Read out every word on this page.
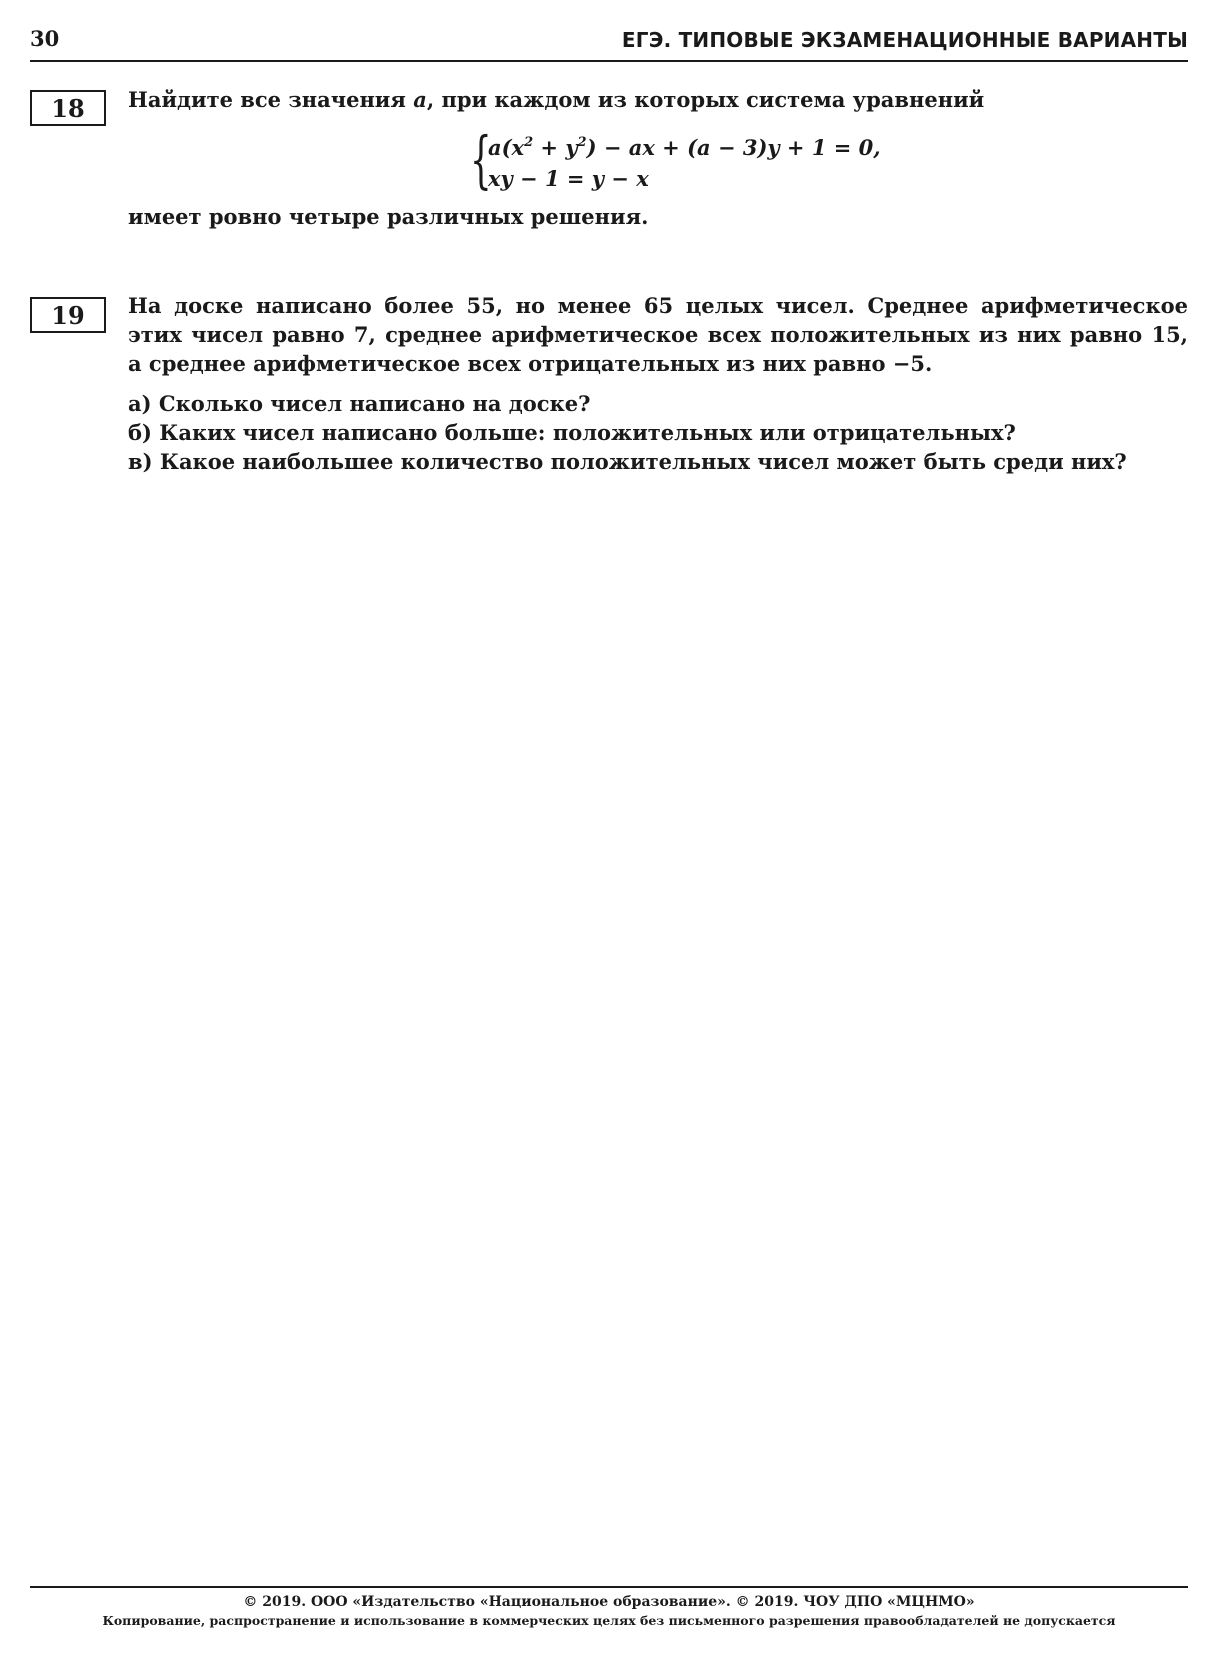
30	ЕГЭ. ТИПОВЫЕ ЭКЗАМЕНАЦИОННЫЕ ВАРИАНТЫ
18	Найдите все значения a, при каждом из которых система уравнений
{
$a(x^2 + y^2)$ − ax + (a − 3)y + 1 = 0,
xy − 1 = y − x
имеет ровно четыре различных решения.
19	На доске написано более 55, но менее 65 целых чисел. Среднее арифметическое
этих чисел равно 7, среднее арифметическое всех положительных из них равно 15,
а среднее арифметическое всех отрицательных из них равно −5.
а) Сколько чисел написано на доске?
б) Каких чисел написано больше: положительных или отрицательных?
в) Какое наибольшее количество положительных чисел может быть среди них?
© 2019. ООО «Издательство «Национальное образование». © 2019. ЧОУ ДПО «МЦНМО»
Копирование, распространение и использование в коммерческих целях без письменного разрешения правообладателей не допускается
